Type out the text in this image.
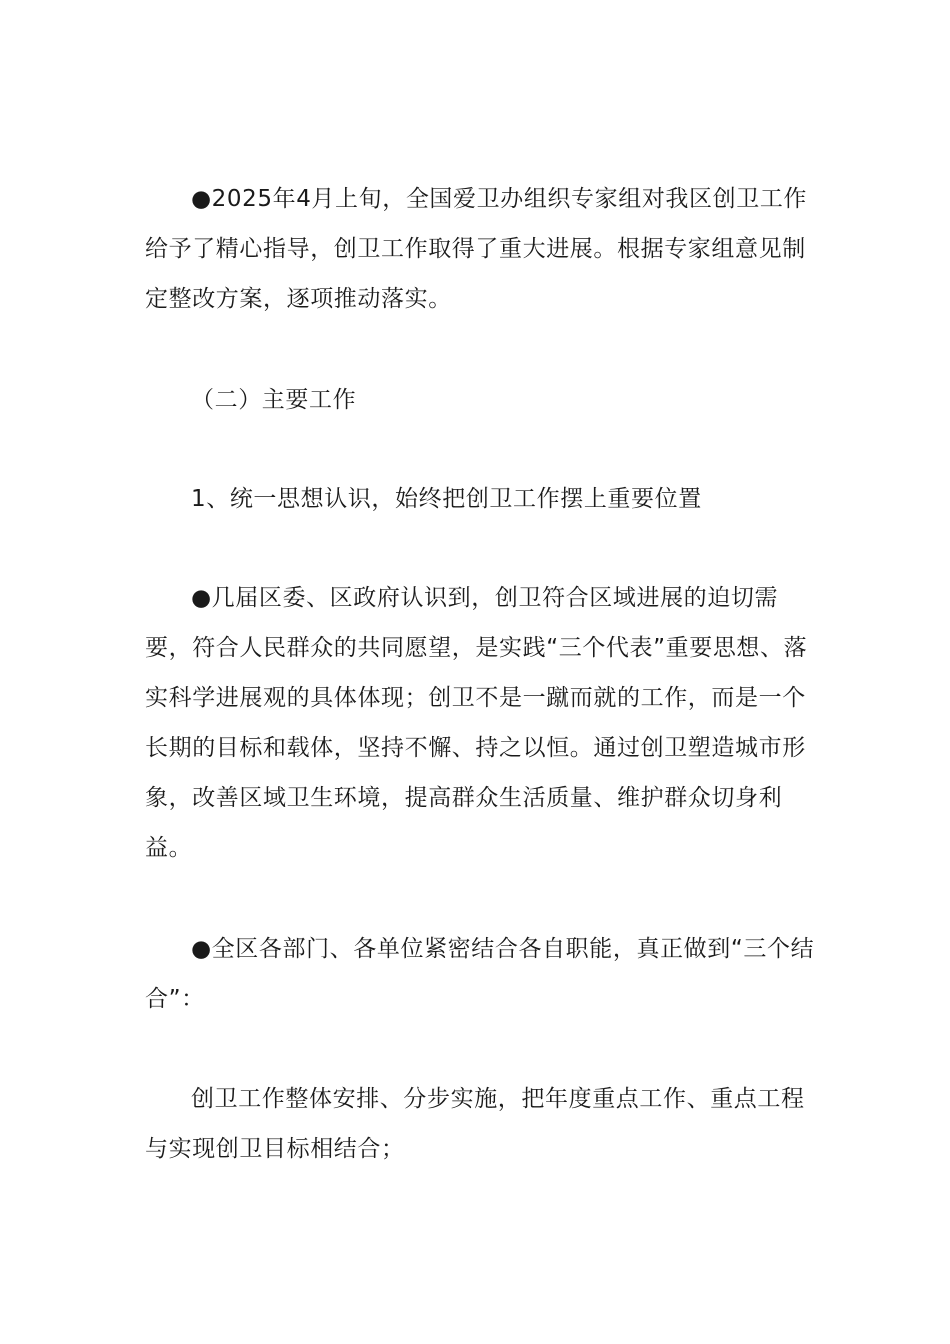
●2025年4月上旬，全国爱卫办组织专家组对我区创卫工作给予了精心指导，创卫工作取得了重大进展。根据专家组意见制定整改方案，逐项推动落实。

（二）主要工作

1、统一思想认识，始终把创卫工作摆上重要位置

●几届区委、区政府认识到，创卫符合区域进展的迫切需要，符合人民群众的共同愿望，是实践“三个代表”重要思想、落实科学进展观的具体体现；创卫不是一蹴而就的工作，而是一个长期的目标和载体，坚持不懈、持之以恒。通过创卫塑造城市形象，改善区域卫生环境，提高群众生活质量、维护群众切身利益。

●全区各部门、各单位紧密结合各自职能，真正做到“三个结合”：

创卫工作整体安排、分步实施，把年度重点工作、重点工程与实现创卫目标相结合；
